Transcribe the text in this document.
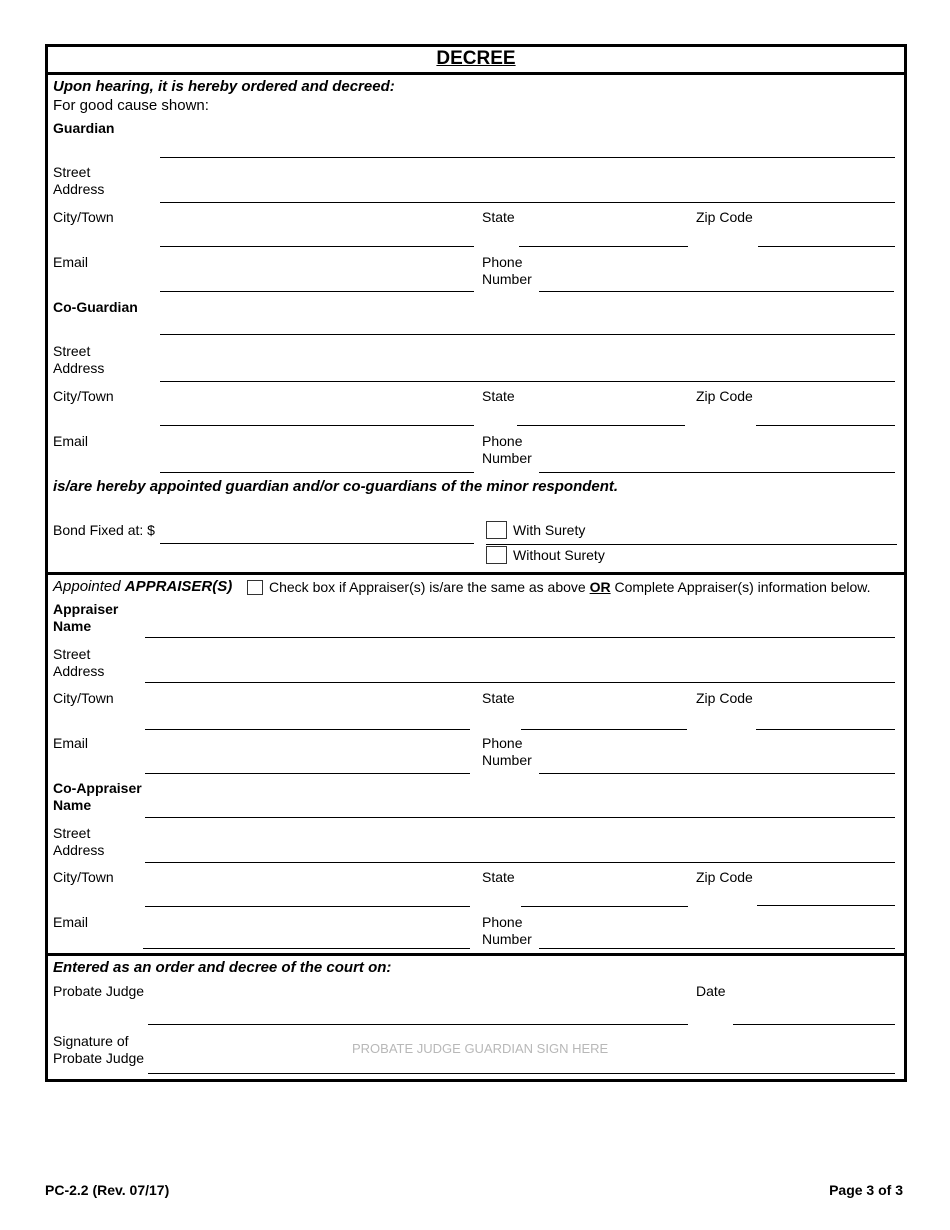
DECREE
Upon hearing, it is hereby ordered and decreed:
For good cause shown:
Guardian
Street
Address
City/Town	State	Zip Code
Email	Phone
Number
Co-Guardian
Street
Address
City/Town	State	Zip Code
Email	Phone
Number
is/are hereby appointed guardian and/or co-guardians of the minor respondent.
Bond Fixed at: $	With Surety
Without Surety
Appointed APPRAISER(S)	Check box if Appraiser(s) is/are the same as above OR Complete Appraiser(s) information below.
Appraiser
Name
Street
Address
City/Town	State	Zip Code
Email	Phone
Number
Co-Appraiser
Name
Street
Address
City/Town	State	Zip Code
Email	Phone
Number
Entered as an order and decree of the court on:
Probate Judge	Date
Signature of
Probate Judge
PROBATE JUDGE GUARDIAN SIGN HERE
PC-2.2 (Rev. 07/17)	Page 3 of 3
